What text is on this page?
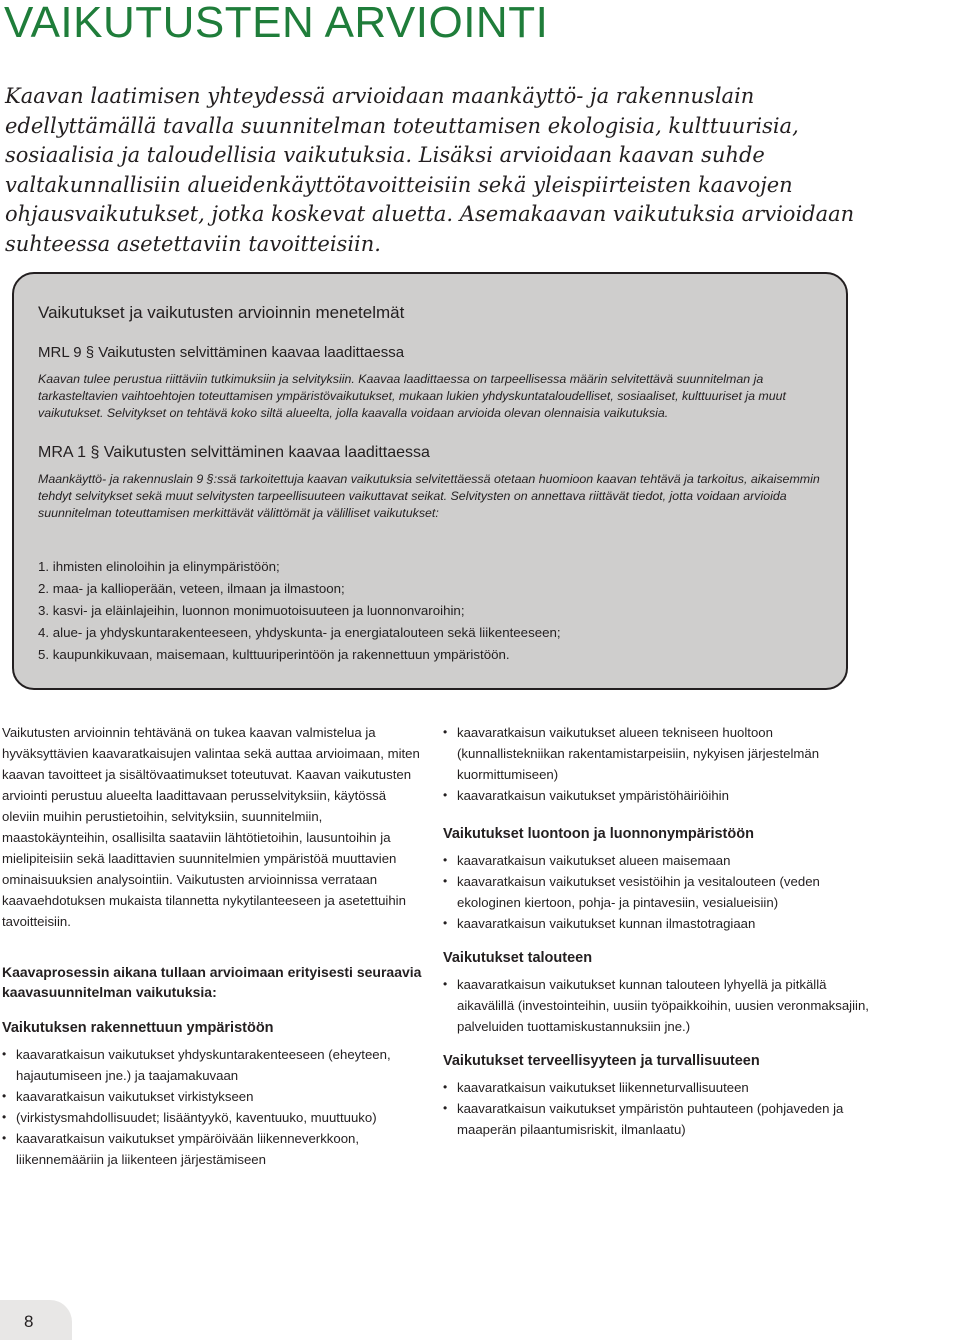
VAIKUTUSTEN ARVIOINTI

Kaavan laatimisen yhteydessä arvioidaan maankäyttö- ja rakennuslain edellyttämällä tavalla suunnitelman toteuttamisen ekologisia, kulttuurisia, sosiaalisia ja taloudellisia vaikutuksia. Lisäksi arvioidaan kaavan suhde valtakunnallisiin alueidenkäyttötavoitteisiin sekä yleispiirteisten kaavojen ohjausvaikutukset, jotka koskevat aluetta. Asemakaavan vaikutuksia arvioidaan suhteessa asetettaviin tavoitteisiin.

Vaikutukset ja vaikutusten arvioinnin menetelmät
MRL 9 § Vaikutusten selvittäminen kaavaa laadittaessa

Kaavan tulee perustua riittäviin tutkimuksiin ja selvityksiin. Kaavaa laadittaessa on tarpeellisessa määrin selvitettävä suunnitelman ja tarkasteltavien vaihtoehtojen toteuttamisen ympäristövaikutukset, mukaan lukien yhdyskuntataloudelliset, sosiaaliset, kulttuuriset ja muut vaikutukset. Selvitykset on tehtävä koko siltä alueelta, jolla kaavalla voidaan arvioida olevan olennaisia vaikutuksia.

MRA 1 § Vaikutusten selvittäminen kaavaa laadittaessa

Maankäyttö- ja rakennuslain 9 §:ssä tarkoitettuja kaavan vaikutuksia selvitettäessä otetaan huomioon kaavan tehtävä ja tarkoitus, aikaisemmin tehdyt selvitykset sekä muut selvitysten tarpeellisuuteen vaikuttavat seikat. Selvitysten on annettava riittävät tiedot, jotta voidaan arvioida suunnitelman toteuttamisen merkittävät välittömät ja välilliset vaikutukset:

1. ihmisten elinoloihin ja elinympäristöön;
2. maa- ja kallioperään, veteen, ilmaan ja ilmastoon;
3. kasvi- ja eläinlajeihin, luonnon monimuotoisuuteen ja luonnonvaroihin;
4. alue- ja yhdyskuntarakenteeseen, yhdyskunta- ja energiatalouteen sekä liikenteeseen;
5. kaupunkikuvaan, maisemaan, kulttuuriperintöön ja rakennettuun ympäristöön.

Vaikutusten arvioinnin tehtävänä on tukea kaavan valmistelua ja hyväksyttävien kaavaratkaisujen valintaa sekä auttaa arvioimaan, miten kaavan tavoitteet ja sisältövaatimukset toteutuvat. Kaavan vaikutusten arviointi perustuu alueelta laadittavaan perusselvityksiin, käytössä oleviin muihin perustietoihin, selvityksiin, suunnitelmiin, maastokäynteihin, osallisilta saataviin lähtötietoihin, lausuntoihin ja mielipiteisiin sekä laadittavien suunnitelmien ympäristöä muuttavien ominaisuuksien analysointiin. Vaikutusten arvioinnissa verrataan kaavaehdotuksen mukaista tilannetta nykytilanteeseen ja asetettuihin tavoitteisiin.

Kaavaprosessin aikana tullaan arvioimaan erityisesti seuraavia kaavasuunnitelman vaikutuksia:

Vaikutuksen rakennettuun ympäristöön

• kaavaratkaisun vaikutukset yhdyskuntarakenteeseen (eheyteen, hajautumiseen jne.) ja taajamakuvaan
• kaavaratkaisun vaikutukset virkistykseen
• (virkistysmahdollisuudet; lisääntyykö, kaventuuko, muuttuuko)
• kaavaratkaisun vaikutukset ympäröivään liikenneverkkoon, liikennemääriin ja liikenteen järjestämiseen
• kaavaratkaisun vaikutukset alueen tekniseen huoltoon (kunnallistekniikan rakentamistarpeisiin, nykyisen järjestelmän kuormittumiseen)
• kaavaratkaisun vaikutukset ympäristöhäiriöihin

Vaikutukset luontoon ja luonnonympäristöön

• kaavaratkaisun vaikutukset alueen maisemaan
• kaavaratkaisun vaikutukset vesistöihin ja vesitalouteen (veden ekologinen kiertoon, pohja- ja pintavesiin, vesialueisiin)
• kaavaratkaisun vaikutukset kunnan ilmastotragiaan

Vaikutukset talouteen

• kaavaratkaisun vaikutukset kunnan talouteen lyhyellä ja pitkällä aikavälillä (investointeihin, uusiin työpaikkoihin, uusien veronmaksajiin, palveluiden tuottamiskustannuksiin jne.)

Vaikutukset terveellisyyteen ja turvallisuuteen

• kaavaratkaisun vaikutukset liikenneturvallisuuteen
• kaavaratkaisun vaikutukset ympäristön puhtauteen (pohjaveden ja maaperän pilaantumisriskit, ilmanlaatu)
8
